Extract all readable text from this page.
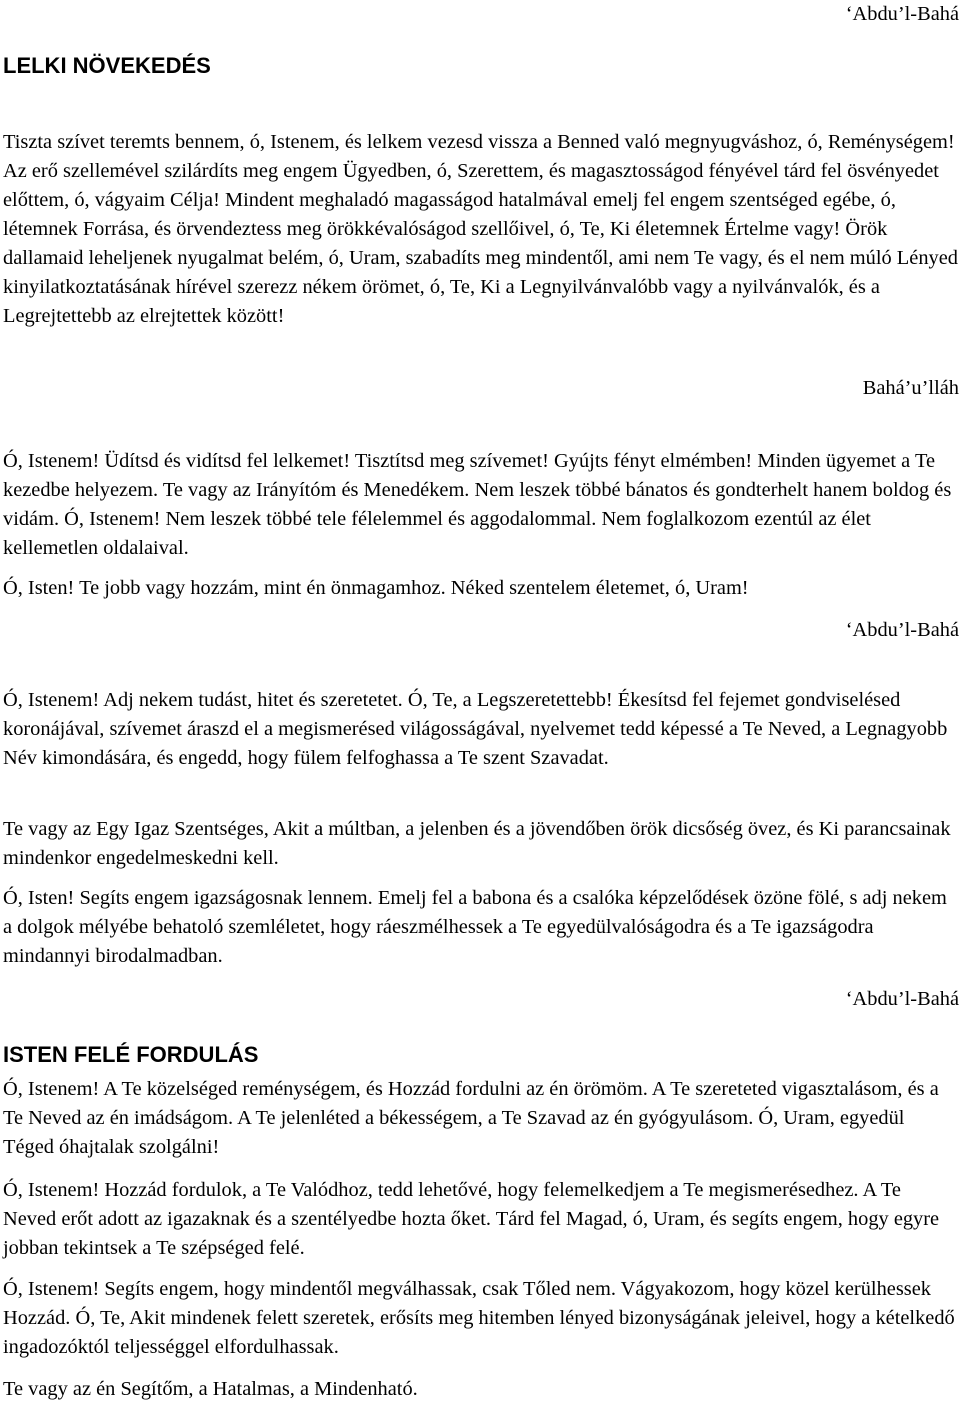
‘Abdu’l-Bahá

LELKI NÖVEKEDÉS

Tiszta szívet teremts bennem, ó, Istenem, és lelkem vezesd vissza a Benned való megnyugváshoz, ó, Reménységem! Az erő szellemével szilárdíts meg engem Ügyedben, ó, Szerettem, és magasztosságod fényével tárd fel ösvényedet előttem, ó, vágyaim Célja! Mindent meghaladó magasságod hatalmával emelj fel engem szentséged egébe, ó, létemnek Forrása, és örvendeztess meg örökkévalóságod szellőivel, ó, Te, Ki életemnek Értelme vagy! Örök dallamaid leheljenek nyugalmat belém, ó, Uram, szabadíts meg mindentől, ami nem Te vagy, és el nem múló Lényed kinyilatkoztatásának hírével szerezz nékem örömet, ó, Te, Ki a Legnyilvánvalóbb vagy a nyilvánvalók, és a Legrejtettebb az elrejtettek között!

Bahá’u’lláh

Ó, Istenem! Üdítsd és vidítsd fel lelkemet! Tisztítsd meg szívemet! Gyújts fényt elmémben! Minden ügyemet a Te kezedbe helyezem. Te vagy az Irányítóm és Menedékem. Nem leszek többé bánatos és gondterhelt hanem boldog és vidám. Ó, Istenem! Nem leszek többé tele félelemmel és aggodalommal. Nem foglalkozom ezentúl az élet kellemetlen oldalaival.

Ó, Isten! Te jobb vagy hozzám, mint én önmagamhoz. Néked szentelem életemet, ó, Uram!

‘Abdu’l-Bahá

Ó, Istenem! Adj nekem tudást, hitet és szeretetet. Ó, Te, a Legszeretettebb! Ékesítsd fel fejemet gondviselésed koronájával, szívemet áraszd el a megismerésed világosságával, nyelvemet tedd képessé a Te Neved, a Legnagyobb Név kimondására, és engedd, hogy fülem felfoghassa a Te szent Szavadat.

Te vagy az Egy Igaz Szentséges, Akit a múltban, a jelenben és a jövendőben örök dicsőség övez, és Ki parancsainak mindenkor engedelmeskedni kell.

Ó, Isten! Segíts engem igazságosnak lennem. Emelj fel a babona és a csalóka képzelődések özöne fölé, s adj nekem a dolgok mélyébe behatoló szemléletet, hogy ráeszmélhessek a Te egyedülvalóságodra és a Te igazságodra mindannyi birodalmadban.

‘Abdu’l-Bahá

ISTEN FELÉ FORDULÁS

Ó, Istenem! A Te közelséged reménységem, és Hozzád fordulni az én örömöm. A Te szereteted vigasztalásom, és a Te Neved az én imádságom. A Te jelenléted a békességem, a Te Szavad az én gyógyulásom. Ó, Uram, egyedül Téged óhajtalak szolgálni!

Ó, Istenem! Hozzád fordulok, a Te Valódhoz, tedd lehetővé, hogy felemelkedjem a Te megismerésedhez. A Te Neved erőt adott az igazaknak és a szentélyedbe hozta őket. Tárd fel Magad, ó, Uram, és segíts engem, hogy egyre jobban tekintsek a Te szépséged felé.

Ó, Istenem! Segíts engem, hogy mindentől megválhassak, csak Tőled nem. Vágyakozom, hogy közel kerülhessek Hozzád. Ó, Te, Akit mindenek felett szeretek, erősíts meg hitemben lényed bizonyságának jeleivel, hogy a kételkedő ingadozóktól teljességgel elfordulhassak.

Te vagy az én Segítőm, a Hatalmas, a Mindenható.
